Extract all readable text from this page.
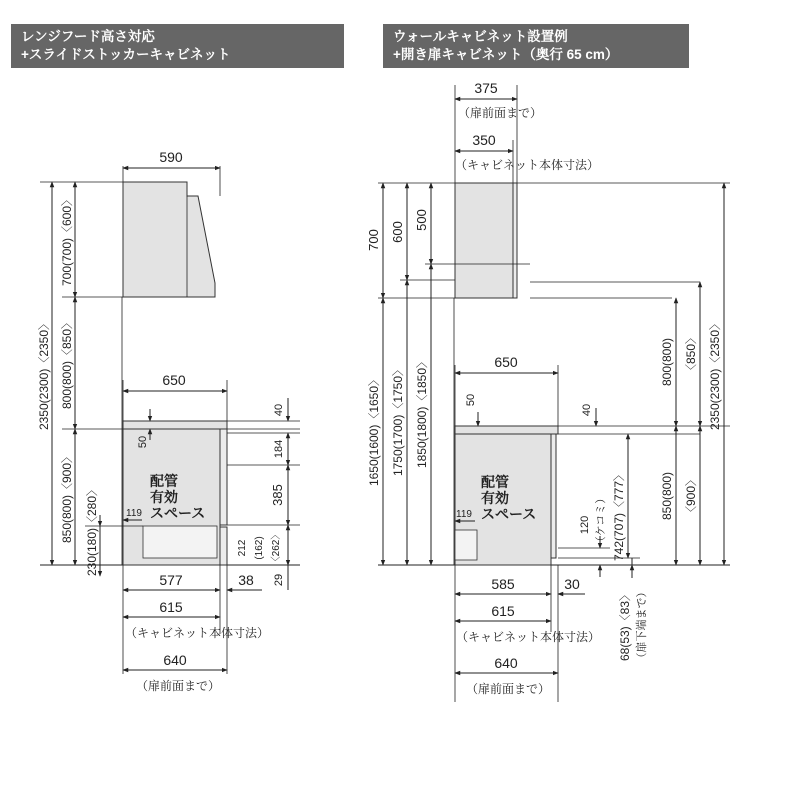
レンジフード高さ対応
+スライドストッカーキャビネット
ウォールキャビネット設置例
+開き扉キャビネット（奥行 65 cm）
590
2350(2300)〈2350〉
700(700)〈600〉
800(800)〈850〉
850(800)〈900〉 230(180)〈280〉
650
50
40
184
385
212 (162) 〈262〉
29
配管
有効
スペース
119
577	38
615
（キャビネット本体寸法）
640
（扉前面まで）
375
（扉前面まで）
350
（キャビネット本体寸法）
700 600
500
1650(1600)〈1650〉 1750(1700)〈1750〉 1850(1800)〈1850〉	650
50
40
800(800) 〈850〉 2350(2300)〈2350〉
850(800) 〈900〉
742(707)〈777〉
120 （ケコミ）
配管
有効
スペース
119
585	30
615
（キャビネット本体寸法）
640
（扉前面まで）
68(53)〈83〉 （扉下端まで）
